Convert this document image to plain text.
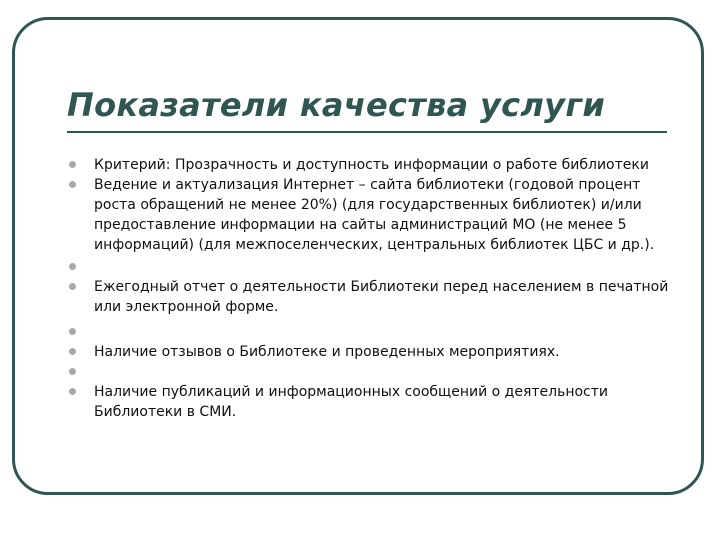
Показатели качества услуги
Критерий: Прозрачность и доступность информации о работе библиотеки
Ведение и актуализация Интернет – сайта библиотеки (годовой процент роста обращений не менее 20%) (для государственных библиотек) и/или предоставление информации на сайты администраций МО (не менее 5 информаций) (для межпоселенческих, центральных библиотек ЦБС и др.).
Ежегодный отчет о деятельности Библиотеки перед населением в печатной или электронной форме.
Наличие отзывов о Библиотеке и проведенных мероприятиях.
Наличие публикаций и информационных сообщений о деятельности Библиотеки в СМИ.
